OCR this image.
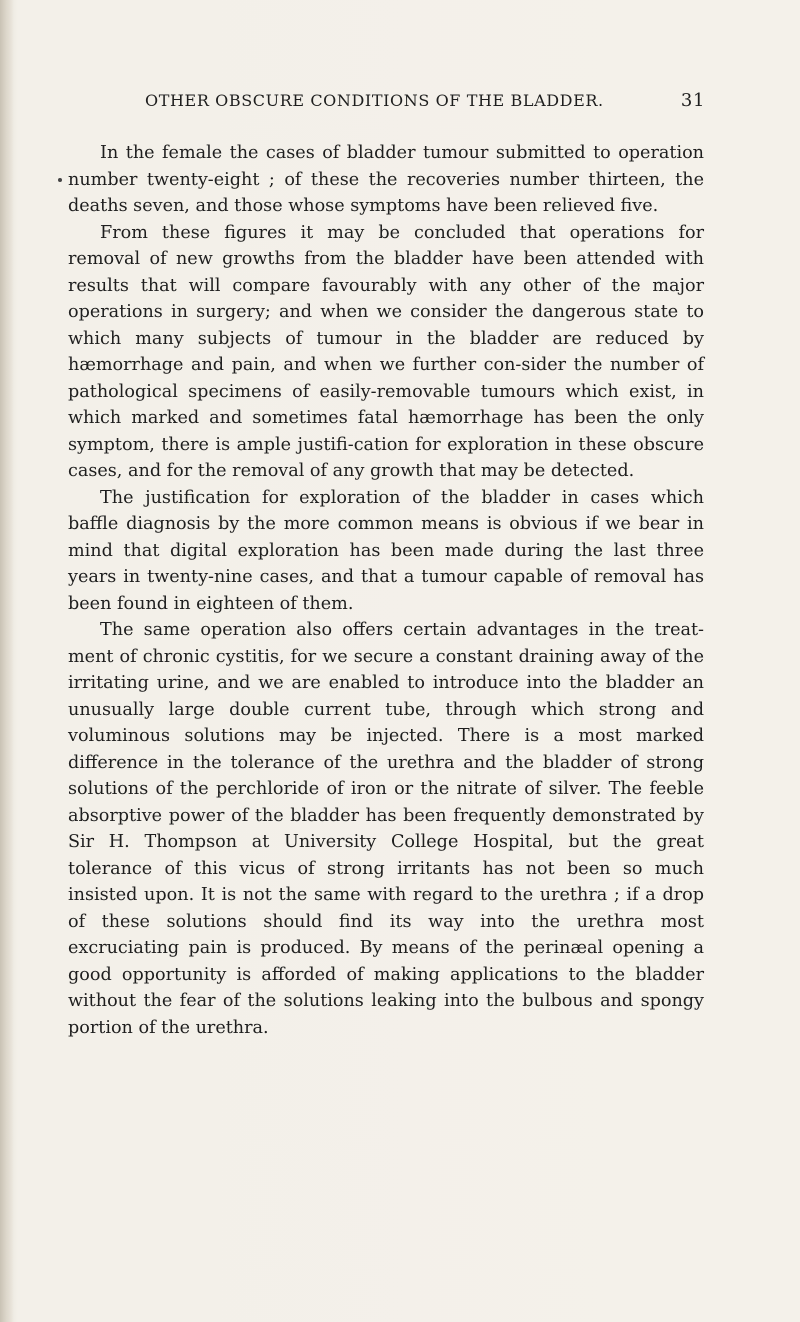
OTHER OBSCURE CONDITIONS OF THE BLADDER.	31

In the female the cases of bladder tumour submitted to operation number twenty-eight ; of these the recoveries number thirteen, the deaths seven, and those whose symptoms have been relieved five.

From these figures it may be concluded that operations for removal of new growths from the bladder have been attended with results that will compare favourably with any other of the major operations in surgery; and when we consider the dangerous state to which many subjects of tumour in the bladder are reduced by hæmorrhage and pain, and when we further con-sider the number of pathological specimens of easily-removable tumours which exist, in which marked and sometimes fatal hæmorrhage has been the only symptom, there is ample justifi-cation for exploration in these obscure cases, and for the removal of any growth that may be detected.

The justification for exploration of the bladder in cases which baffle diagnosis by the more common means is obvious if we bear in mind that digital exploration has been made during the last three years in twenty-nine cases, and that a tumour capable of removal has been found in eighteen of them.

The same operation also offers certain advantages in the treat-ment of chronic cystitis, for we secure a constant draining away of the irritating urine, and we are enabled to introduce into the bladder an unusually large double current tube, through which strong and voluminous solutions may be injected. There is a most marked difference in the tolerance of the urethra and the bladder of strong solutions of the perchloride of iron or the nitrate of silver. The feeble absorptive power of the bladder has been frequently demonstrated by Sir H. Thompson at University College Hospital, but the great tolerance of this vicus of strong irritants has not been so much insisted upon. It is not the same with regard to the urethra ; if a drop of these solutions should find its way into the urethra most excruciating pain is produced. By means of the perinæal opening a good opportunity is afforded of making applications to the bladder without the fear of the solutions leaking into the bulbous and spongy portion of the urethra.
